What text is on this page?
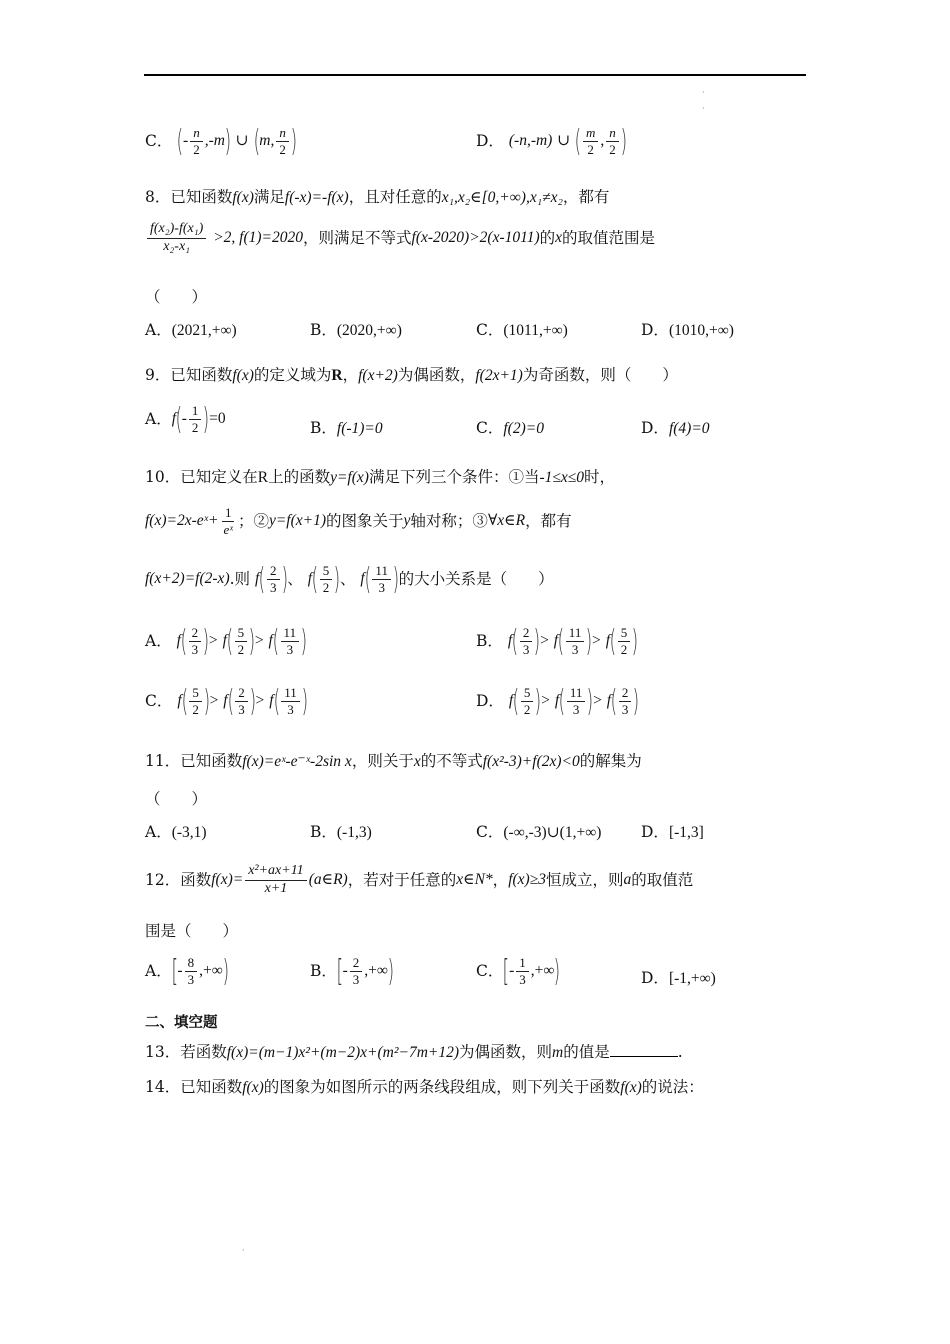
·
·
C． (- $\frac{n}{2} ,-m$) ∪ (m, $\frac{n}{2}$ )	D． (-n,-m) ∪ ( $\frac{m}{2}$ , $\frac{n}{2}$ )
8．已知函数f(x)满足f(-x)=-f(x)，且对任意的x₁,x₂∈[0,+∞),x₁≠x₂，都有
$\frac{\text{f(x₂)-f(x₁)}}{\text{x₂-x₁}} >2$, f(1)=2020，则满足不等式f(x-2020)>2(x-1011)的x的取值范围是
（　　）
A．(2021,+∞)	B．(2020,+∞)	C．(1011,+∞)	D．(1010,+∞)
9．已知函数f(x)的定义域为R，f(x+2)为偶函数，f(2x+1)为奇函数，则（　　）
A．$f(- \frac{1}{2} )=0$
B．f(-1)=0	C．f(2)=0	D．f(4)=0
10．已知定义在R上的函数y=f(x)满足下列三个条件：①当-1≤x≤0时，
f(x)=2x-eˣ+ $\frac{1}{\text{eˣ}}$ ；②y=f(x+1)的图象关于y轴对称；③∀x∈R，都有
f(x+2)=f(2-x).则 $f( \frac{2}{3}$ )、 $f( \frac{5}{2}$ )、 $f( \frac{11}{3}$ )的大小关系是（　　）
A． $f( \frac{2}{3}$ )> $f( \frac{5}{2}$ )> $f( \frac{11}{3}$ )	B． $f( \frac{2}{3}$ )> $f( \frac{11}{3}$ )> $f( \frac{5}{2}$ )
C． $f( \frac{5}{2}$ )> $f( \frac{2}{3}$ )> $f( \frac{11}{3}$ )	D． $f( \frac{5}{2}$ )> $f( \frac{11}{3}$ )> $f( \frac{2}{3}$ )
11．已知函数f(x)=eˣ-e⁻ˣ-2sin x，则关于x的不等式f(x²-3)+f(2x)<0的解集为
（　　）
A．(-3,1)	B．(-1,3)	C．(-∞,-3)∪(1,+∞)	D．[-1,3]
12．函数$f(x)= \frac{\text{x²+ax+11}}{x+1}$ (a∈R)，若对于任意的x∈N*，f(x)≥3恒成立，则a的取值范
围是（　　）
A．[- $\frac{8}{3}$ ,+∞)	B．[- $\frac{2}{3}$ ,+∞)	C．[- $\frac{1}{3}$ ,+∞)	D．[-1,+∞)
二、填空题
13．若函数f(x)=(m−1)x²+(m−2)x+(m²−7m+12)为偶函数，则m的值是	.
14．已知函数f(x)的图象为如图所示的两条线段组成，则下列关于函数f(x)的说法：
·
